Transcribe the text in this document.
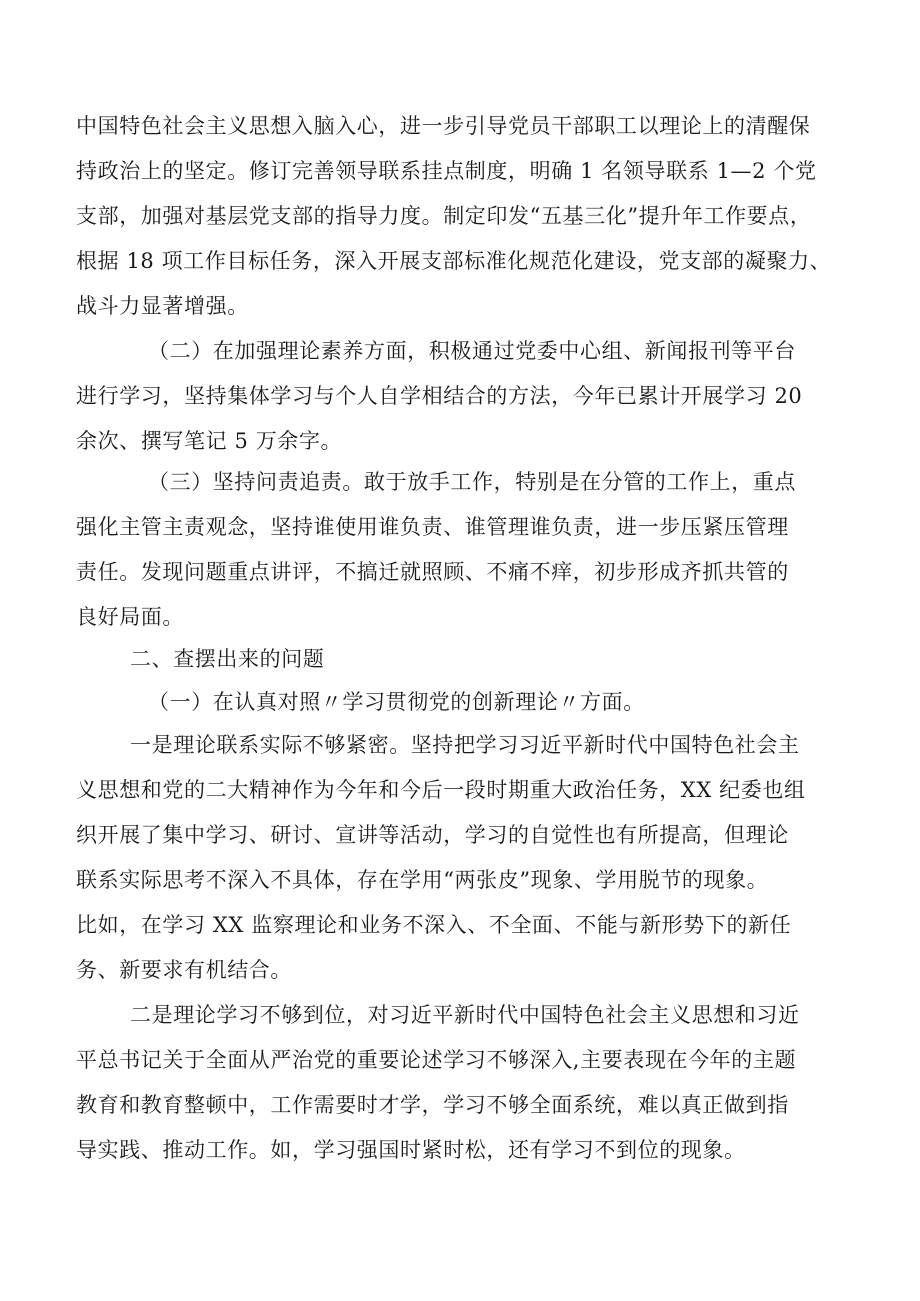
中国特色社会主义思想入脑入心，进一步引导党员干部职工以理论上的清醒保
持政治上的坚定。修订完善领导联系挂点制度，明确 1 名领导联系 1—2 个党
支部，加强对基层党支部的指导力度。制定印发“五基三化”提升年工作要点，
根据 18 项工作目标任务，深入开展支部标准化规范化建设，党支部的凝聚力、
战斗力显著增强。
（二）在加强理论素养方面，积极通过党委中心组、新闻报刊等平台
进行学习，坚持集体学习与个人自学相结合的方法，今年已累计开展学习 20
余次、撰写笔记 5 万余字。
（三）坚持问责追责。敢于放手工作，特别是在分管的工作上，重点
强化主管主责观念，坚持谁使用谁负责、谁管理谁负责，进一步压紧压管理
责任。发现问题重点讲评，不搞迁就照顾、不痛不痒，初步形成齐抓共管的
良好局面。
二、查摆出来的问题
（一）在认真对照〃学习贯彻党的创新理论〃方面。
一是理论联系实际不够紧密。坚持把学习习近平新时代中国特色社会主
义思想和党的二大精神作为今年和今后一段时期重大政治任务，XX 纪委也组
织开展了集中学习、研讨、宣讲等活动，学习的自觉性也有所提高，但理论
联系实际思考不深入不具体，存在学用“两张皮”现象、学用脱节的现象。
比如，在学习 XX 监察理论和业务不深入、不全面、不能与新形势下的新任
务、新要求有机结合。
二是理论学习不够到位，对习近平新时代中国特色社会主义思想和习近
平总书记关于全面从严治党的重要论述学习不够深入,主要表现在今年的主题
教育和教育整顿中，工作需要时才学，学习不够全面系统，难以真正做到指
导实践、推动工作。如，学习强国时紧时松，还有学习不到位的现象。
